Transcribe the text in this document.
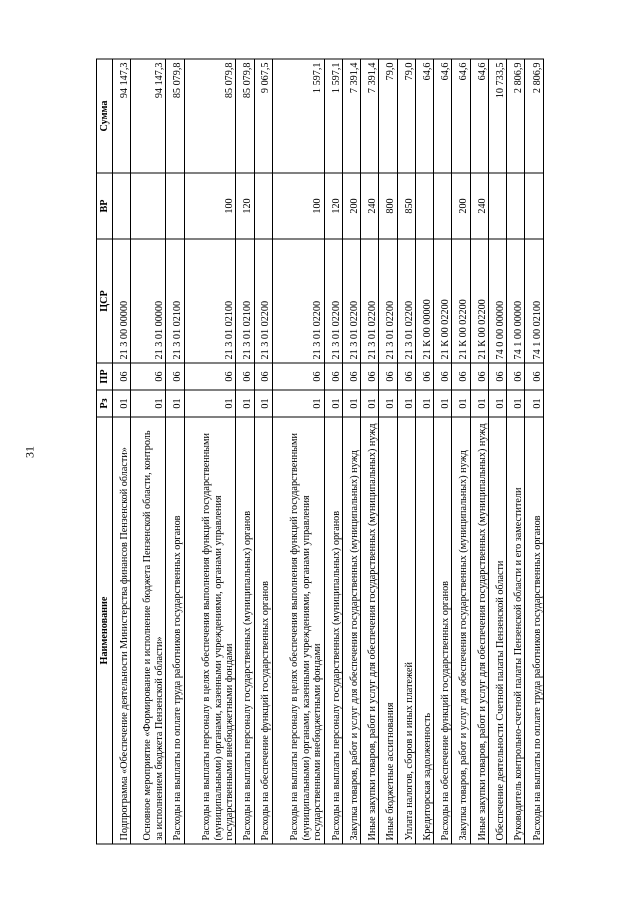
31
Наименование	Рз	ПР	ЦСР	ВР	Сумма
Подпрограмма «Обеспечение деятельности Министерства финансов Пензенской области»	01	06	21 3 00 00000		94 147,3
Основное мероприятие «Формирование и исполнение бюджета Пензенской области, контроль за исполнением бюджета Пензенской области»	01	06	21 3 01 00000		94 147,3
Расходы на выплаты по оплате труда работников государственных органов	01	06	21 3 01 02100		85 079,8
Расходы на выплаты персоналу в целях обеспечения выполнения функций государственными (муниципальными) органами, казенными учреждениями, органами управления государственными внебюджетными фондами	01	06	21 3 01 02100	100	85 079,8
Расходы на выплаты персоналу государственных (муниципальных) органов	01	06	21 3 01 02100	120	85 079,8
Расходы на обеспечение функций государственных органов	01	06	21 3 01 02200		9 067,5
Расходы на выплаты персоналу в целях обеспечения выполнения функций государственными (муниципальными) органами, казенными учреждениями, органами управления государственными внебюджетными фондами	01	06	21 3 01 02200	100	1 597,1
Расходы на выплаты персоналу государственных (муниципальных) органов	01	06	21 3 01 02200	120	1 597,1
Закупка товаров, работ и услуг для обеспечения государственных (муниципальных) нужд	01	06	21 3 01 02200	200	7 391,4
Иные закупки товаров, работ и услуг для обеспечения государственных (муниципальных) нужд	01	06	21 3 01 02200	240	7 391,4
Иные бюджетные ассигнования	01	06	21 3 01 02200	800	79,0
Уплата налогов, сборов и иных платежей	01	06	21 3 01 02200	850	79,0
Кредиторская задолженность	01	06	21 К 00 00000		64,6
Расходы на обеспечение функций государственных органов	01	06	21 К 00 02200		64,6
Закупка товаров, работ и услуг для обеспечения государственных (муниципальных) нужд	01	06	21 К 00 02200	200	64,6
Иные закупки товаров, работ и услуг для обеспечения государственных (муниципальных) нужд	01	06	21 К 00 02200	240	64,6
Обеспечение деятельности Счетной палаты Пензенской области	01	06	74 0 00 00000		10 733,5
Руководитель контрольно-счетной палаты Пензенской области и его заместители	01	06	74 1 00 00000		2 806,9
Расходы на выплаты по оплате труда работников государственных органов	01	06	74 1 00 02100		2 806,9
